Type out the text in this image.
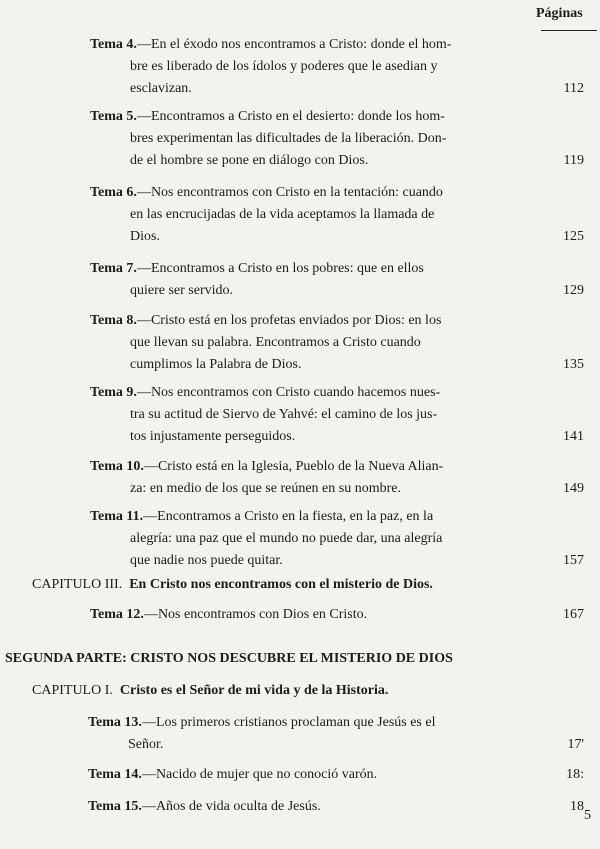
Páginas
Tema 4.—En el éxodo nos encontramos a Cristo: donde el hom-
bre es liberado de los ídolos y poderes que le asedian y
esclavizan.	112
Tema 5.—Encontramos a Cristo en el desierto: donde los hom-
bres experimentan las dificultades de la liberación. Don-
de el hombre se pone en diálogo con Dios.	119
Tema 6.—Nos encontramos con Cristo en la tentación: cuando
en las encrucijadas de la vida aceptamos la llamada de
Dios.	125
Tema 7.—Encontramos a Cristo en los pobres: que en ellos
quiere ser servido.	129
Tema 8.—Cristo está en los profetas enviados por Dios: en los
que llevan su palabra. Encontramos a Cristo cuando
cumplimos la Palabra de Dios.	135
Tema 9.—Nos encontramos con Cristo cuando hacemos nues-
tra su actitud de Siervo de Yahvé: el camino de los jus-
tos injustamente perseguidos.	141
Tema 10.—Cristo está en la Iglesia, Pueblo de la Nueva Alian-
za: en medio de los que se reúnen en su nombre.	149
Tema 11.—Encontramos a Cristo en la fiesta, en la paz, en la
alegría: una paz que el mundo no puede dar, una alegría
que nadie nos puede quitar.	157
CAPITULO III. En Cristo nos encontramos con el misterio de Dios.
Tema 12.—Nos encontramos con Dios en Cristo.	167
SEGUNDA PARTE: CRISTO NOS DESCUBRE EL MISTERIO DE DIOS
CAPITULO I. Cristo es el Señor de mi vida y de la Historia.
Tema 13.—Los primeros cristianos proclaman que Jesús es el
Señor.	17'
Tema 14.—Nacido de mujer que no conoció varón.	18:
Tema 15.—Años de vida oculta de Jesús.	18
5
